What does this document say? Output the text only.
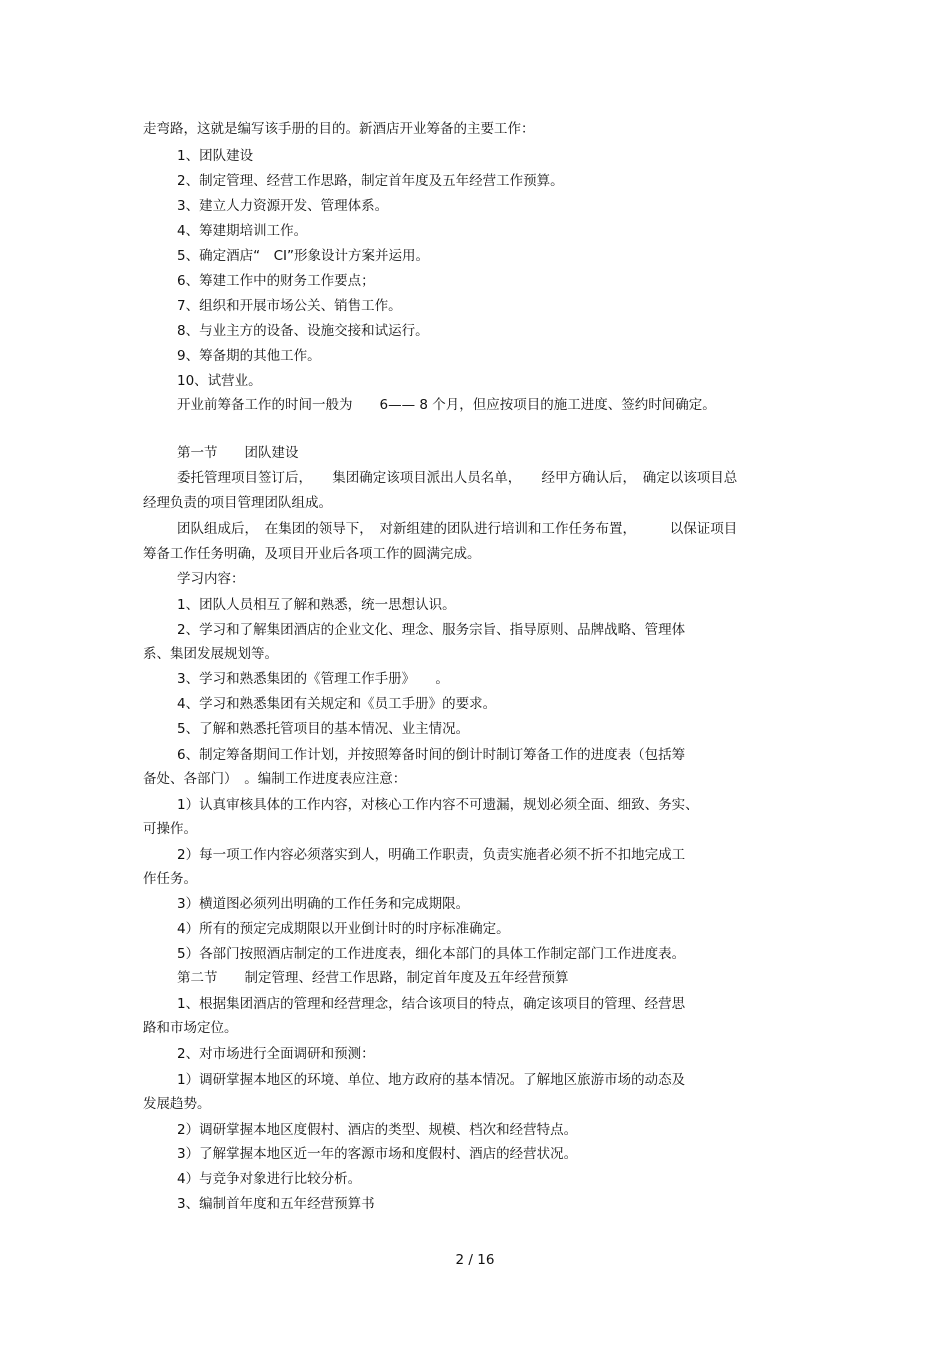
走弯路，这就是编写该手册的目的。新酒店开业筹备的主要工作：
1、团队建设
2、制定管理、经营工作思路，制定首年度及五年经营工作预算。
3、建立人力资源开发、管理体系。
4、筹建期培训工作。
5、确定酒店“　CI”形象设计方案并运用。
6、筹建工作中的财务工作要点；
7、组织和开展市场公关、销售工作。
8、与业主方的设备、设施交接和试运行。
9、筹备期的其他工作。
10、试营业。
开业前筹备工作的时间一般为　　6—— 8 个月，但应按项目的施工进度、签约时间确定。
第一节　　团队建设
委托管理项目签订后，　　集团确定该项目派出人员名单，　　经甲方确认后，　确定以该项目总
经理负责的项目管理团队组成。
团队组成后，　在集团的领导下，　对新组建的团队进行培训和工作任务布置，　　　以保证项目
筹备工作任务明确，及项目开业后各项工作的圆满完成。
学习内容：
1、团队人员相互了解和熟悉，统一思想认识。
2、学习和了解集团酒店的企业文化、理念、服务宗旨、指导原则、品牌战略、管理体
系、集团发展规划等。
3、学习和熟悉集团的《管理工作手册》　　。
4、学习和熟悉集团有关规定和《员工手册》的要求。
5、了解和熟悉托管项目的基本情况、业主情况。
6、制定筹备期间工作计划，并按照筹备时间的倒计时制订筹备工作的进度表（包括筹
备处、各部门）　。编制工作进度表应注意：
1）认真审核具体的工作内容，对核心工作内容不可遗漏，规划必须全面、细致、务实、
可操作。
2）每一项工作内容必须落实到人，明确工作职责，负责实施者必须不折不扣地完成工
作任务。
3）横道图必须列出明确的工作任务和完成期限。
4）所有的预定完成期限以开业倒计时的时序标准确定。
5）各部门按照酒店制定的工作进度表，细化本部门的具体工作制定部门工作进度表。
第二节　　制定管理、经营工作思路，制定首年度及五年经营预算
1、根据集团酒店的管理和经营理念，结合该项目的特点，确定该项目的管理、经营思
路和市场定位。
2、对市场进行全面调研和预测：
1）调研掌握本地区的环境、单位、地方政府的基本情况。了解地区旅游市场的动态及
发展趋势。
2）调研掌握本地区度假村、酒店的类型、规模、档次和经营特点。
3）了解掌握本地区近一年的客源市场和度假村、酒店的经营状况。
4）与竞争对象进行比较分析。
3、编制首年度和五年经营预算书
2 / 16
